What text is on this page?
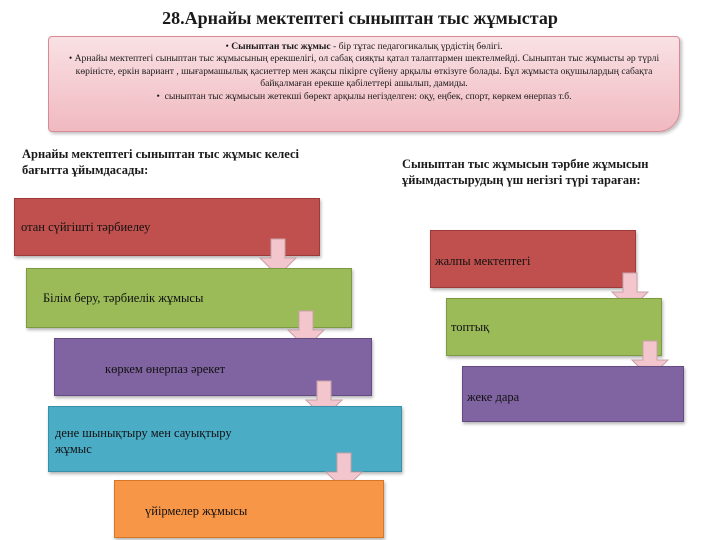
28.Арнайы мектептегі сыныптан тыс жұмыстар

• Сыныптан тыс жұмыс - бір тұтас педагогикалық үрдістің бөлігі.

• Арнайы мектептегі сыныптан тыс жұмысының ерекшелігі, ол сабақ сияқты қатал талаптармен шектелмейді. Сыныптан тыс жұмысты әр түрлі көріністе, еркін вариант , шығармашылық қасиеттер мен жақсы пікірге сүйену арқылы өткізуге болады. Бұл жұмыста оқушылардың сабақта байқалмаған ерекше қабілеттері ашылып, дамиды.

•  сыныптан тыс жұмысын жетекші бөрект арқылы негізделген: оқу, еңбек, спорт, көркем өнерпаз т.б.

Арнайы мектептегі сыныптан тыс жұмыс келесі бағытта ұйымдасады:	Сыныптан тыс жұмысын тәрбие жұмысын ұйымдастырудың үш негізгі түрі тараған:
отан сүйгішті тәрбиелеу
Білім беру, тәрбиелік жұмысы
көркем өнерпаз әрекет
дене шынықтыру мен сауықтыру жұмыс
үйірмелер жұмысы
жалпы мектептегі
топтық
жеке дара
